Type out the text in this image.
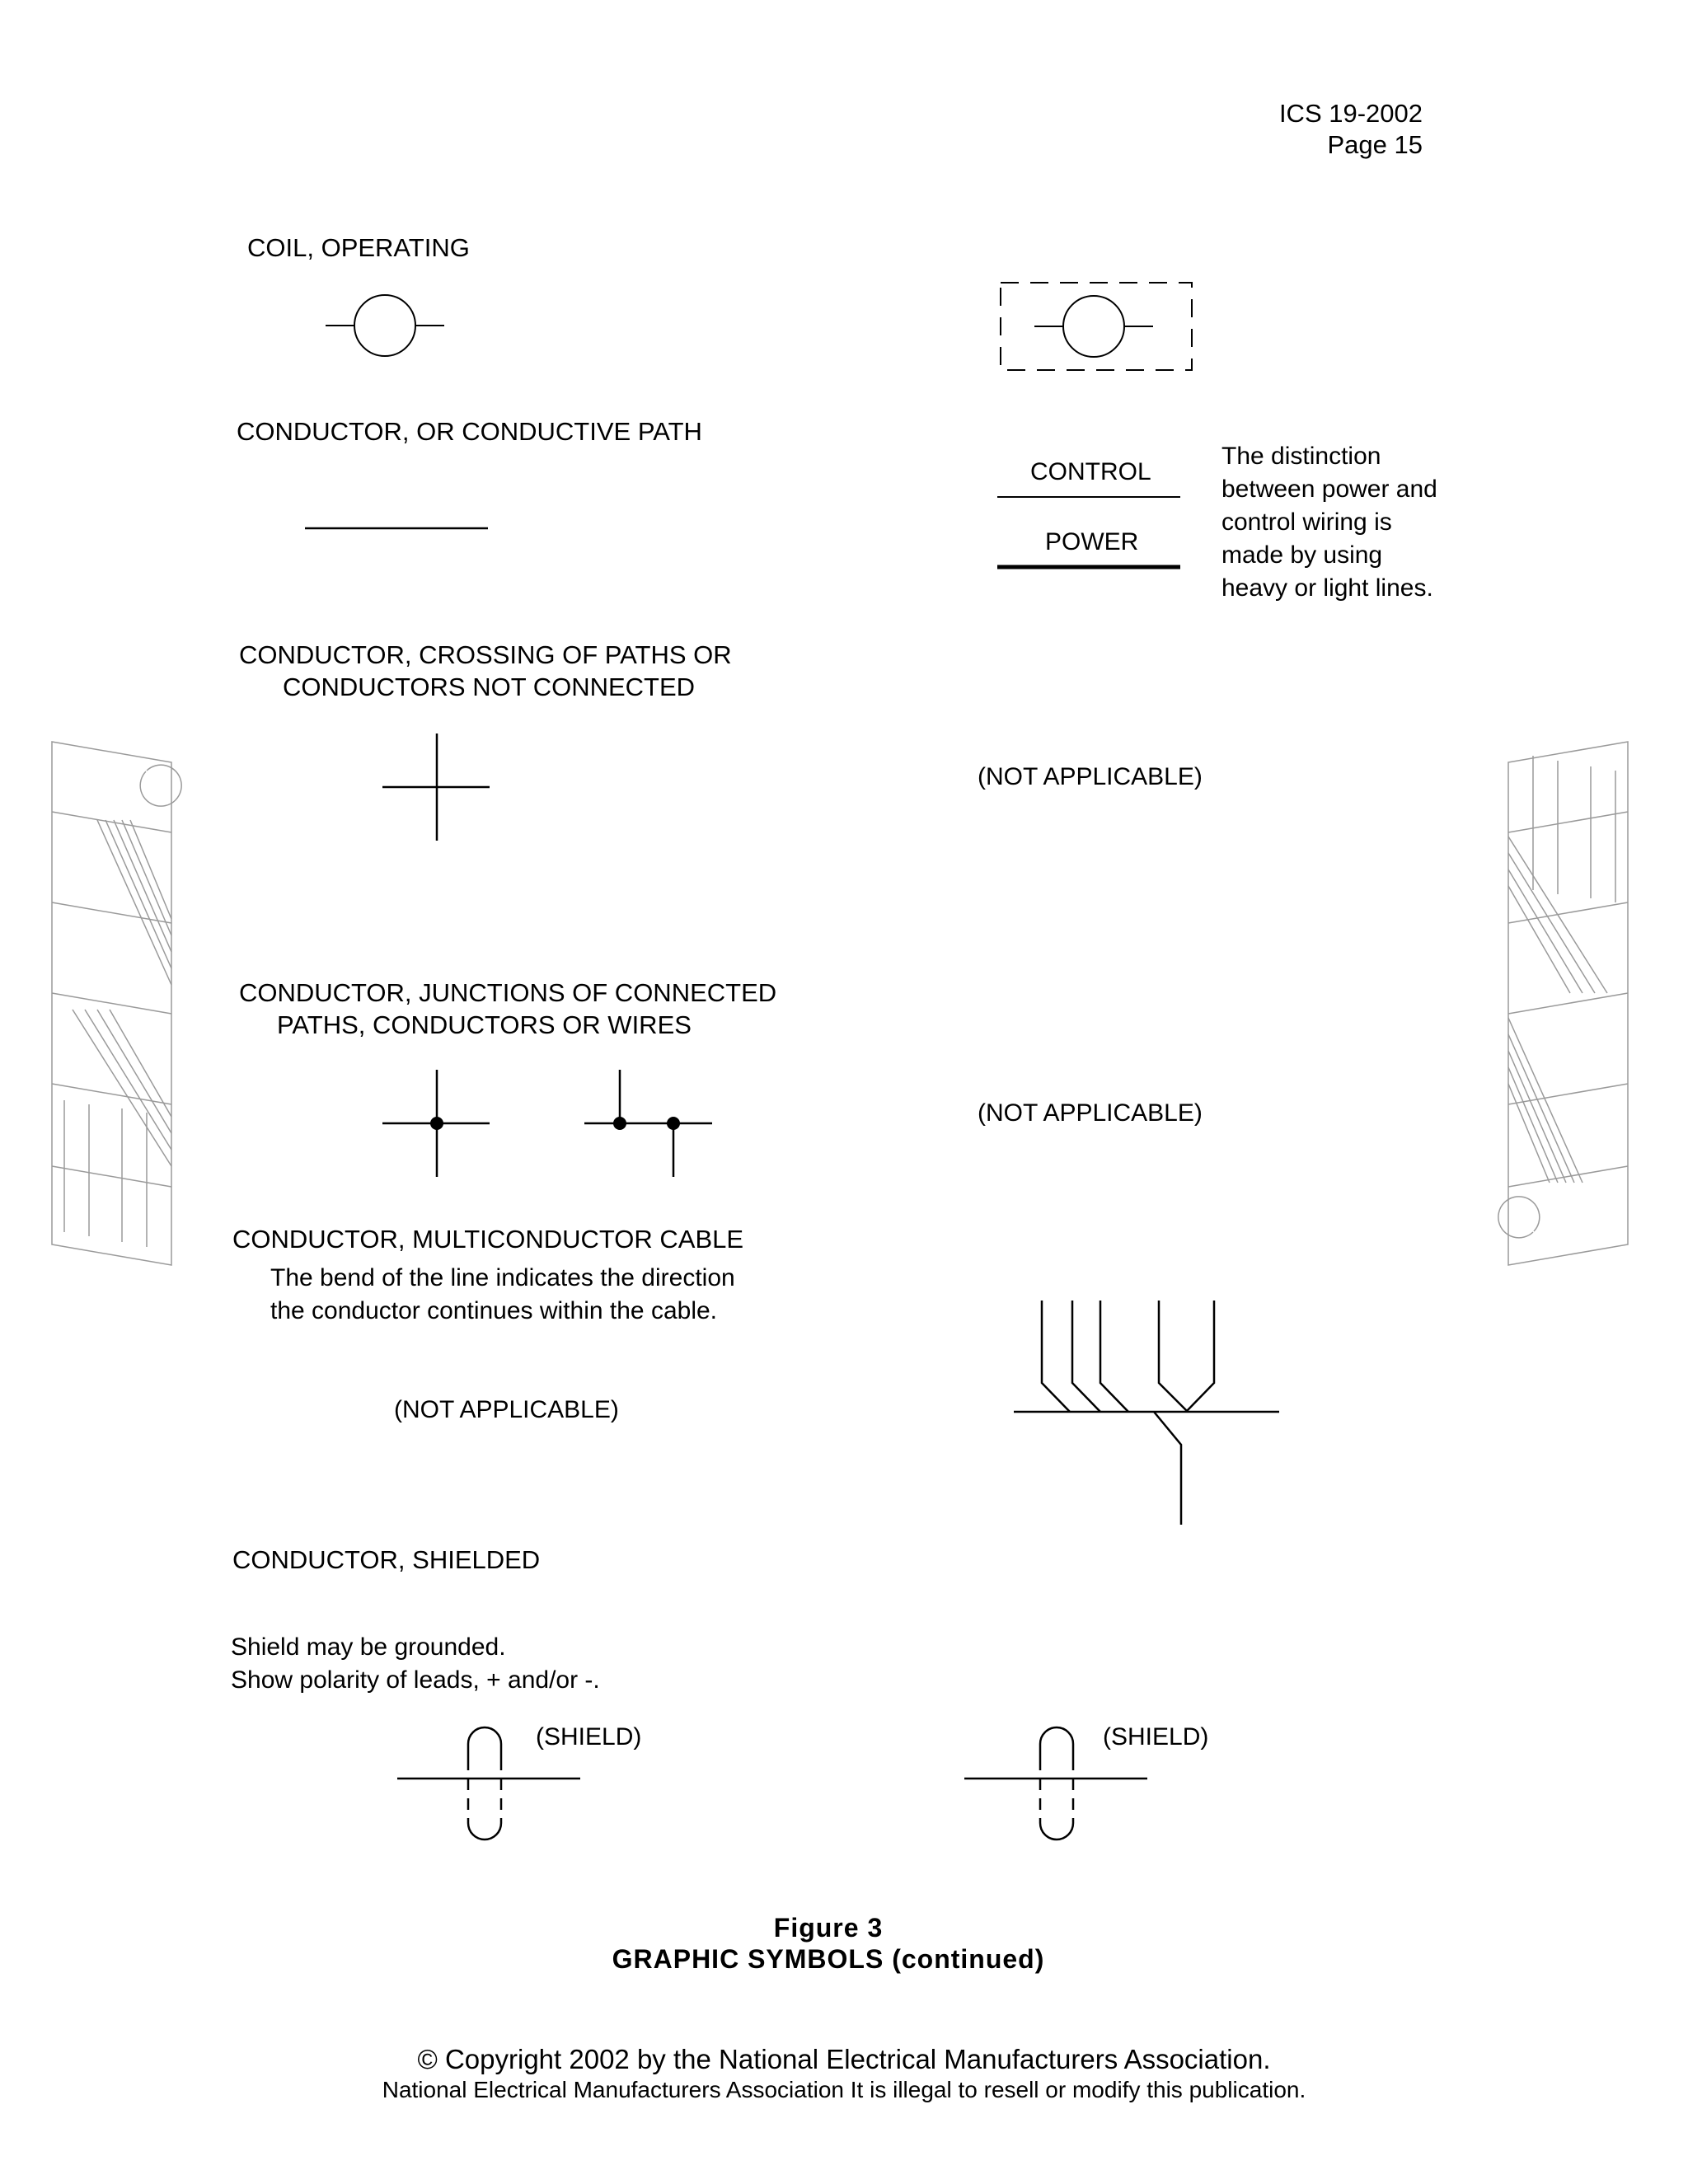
ICS 19-2002
Page 15
COIL, OPERATING
CONDUCTOR, OR CONDUCTIVE PATH
CONTROL
POWER
The distinction
between power and
control wiring is
made by using
heavy or light lines.
CONDUCTOR, CROSSING OF PATHS OR
CONDUCTORS NOT CONNECTED
(NOT APPLICABLE)
CONDUCTOR, JUNCTIONS OF CONNECTED
PATHS, CONDUCTORS OR WIRES
(NOT APPLICABLE)
CONDUCTOR, MULTICONDUCTOR CABLE
The bend of the line indicates the direction
the conductor continues within the cable.
(NOT APPLICABLE)
CONDUCTOR, SHIELDED
Shield may be grounded.
Show polarity of leads, + and/or -.
(SHIELD)	(SHIELD)
Figure 3
GRAPHIC SYMBOLS (continued)
© Copyright 2002 by the National Electrical Manufacturers Association.
National Electrical Manufacturers Association It is illegal to resell or modify this publication.
